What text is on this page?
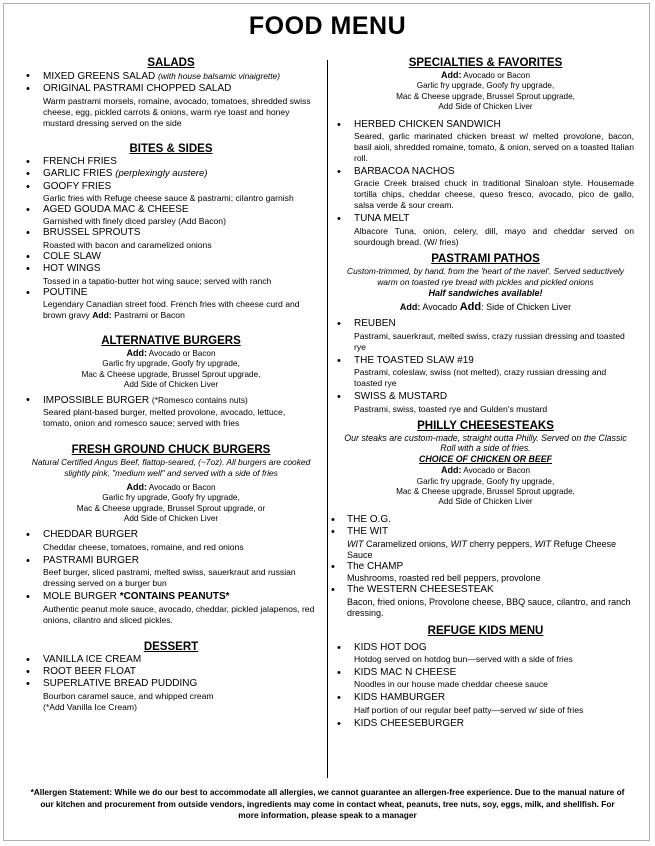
FOOD MENU

SALADS

• MIXED GREENS SALAD (with house balsamic vinaigrette)
• ORIGINAL PASTRAMI CHOPPED SALAD
Warm pastrami morsels, romaine, avocado, tomatoes, shredded swiss cheese, egg, pickled carrots & onions, warm rye toast and honey mustard dressing served on the side

BITES & SIDES

• FRENCH FRIES
• GARLIC FRIES (perplexingly austere)
• GOOFY FRIES
Garlic fries with Refuge cheese sauce & pastrami; cilantro garnish
• AGED GOUDA MAC & CHEESE
Garnished with finely diced parsley (Add Bacon)
• BRUSSEL SPROUTS
Roasted with bacon and caramelized onions
• COLE SLAW
• HOT WINGS
Tossed in a tapatio-butter hot wing sauce; served with ranch
• POUTINE
Legendary Canadian street food. French fries with cheese curd and brown gravy Add: Pastrami or Bacon

ALTERNATIVE BURGERS

Add: Avocado or Bacon
Garlic fry upgrade, Goofy fry upgrade,
Mac & Cheese upgrade, Brussel Sprout upgrade,
Add Side of Chicken Liver
• IMPOSSIBLE BURGER (*Romesco contains nuts)
Seared plant-based burger, melted provolone, avocado, lettuce, tomato, onion and romesco sauce; served with fries

FRESH GROUND CHUCK BURGERS

Natural Certified Angus Beef, flattop-seared, (~7oz). All burgers are cooked slightly pink, "medium well" and served with a side of fries
Add: Avocado or Bacon
Garlic fry upgrade, Goofy fry upgrade,
Mac & Cheese upgrade, Brussel Sprout upgrade, or
Add Side of Chicken Liver
• CHEDDAR BURGER
Cheddar cheese, tomatoes, romaine, and red onions
• PASTRAMI BURGER
Beef burger, sliced pastrami, melted swiss, sauerkraut and russian dressing served on a burger bun
• MOLE BURGER *CONTAINS PEANUTS*
Authentic peanut mole sauce, avocado, cheddar, pickled jalapenos, red onions, cilantro and sliced pickles.

DESSERT

• VANILLA ICE CREAM
• ROOT BEER FLOAT
• SUPERLATIVE BREAD PUDDING
Bourbon caramel sauce, and whipped cream
(*Add Vanilla Ice Cream)

SPECIALTIES & FAVORITES

Add: Avocado or Bacon
Garlic fry upgrade, Goofy fry upgrade,
Mac & Cheese upgrade, Brussel Sprout upgrade,
Add Side of Chicken Liver
• HERBED CHICKEN SANDWICH
Seared, garlic marinated chicken breast w/ melted provolone, bacon, basil aioli, shredded romaine, tomato, & onion, served on a toasted Italian roll.
• BARBACOA NACHOS
Gracie Creek braised chuck in traditional Sinaloan style. Housemade tortilla chips, cheddar cheese, queso fresco, avocado, pico de gallo, salsa verde & sour cream.
• TUNA MELT
Albacore Tuna, onion, celery, dill, mayo and cheddar served on sourdough bread. (W/ fries)

PASTRAMI PATHOS

Custom-trimmed, by hand, from the 'heart of the navel'. Served seductively warm on toasted rye bread with pickles and pickled onions
Half sandwiches available!
Add: Avocado Add: Side of Chicken Liver
• REUBEN
Pastrami, sauerkraut, melted swiss, crazy russian dressing and toasted rye
• THE TOASTED SLAW #19
Pastrami, coleslaw, swiss (not melted), crazy russian dressing and toasted rye
• SWISS & MUSTARD
Pastrami, swiss, toasted rye and Gulden's mustard

PHILLY CHEESESTEAKS

Our steaks are custom-made, straight outta Philly. Served on the Classic Roll with a side of fries.
CHOICE OF CHICKEN OR BEEF
Add: Avocado or Bacon
Garlic fry upgrade, Goofy fry upgrade,
Mac & Cheese upgrade, Brussel Sprout upgrade,
Add Side of Chicken Liver
• THE O.G.
• THE WIT
WIT Caramelized onions, WIT cherry peppers, WIT Refuge Cheese Sauce
• The CHAMP
Mushrooms, roasted red bell peppers, provolone
• The WESTERN CHEESESTEAK
Bacon, fried onions, Provolone cheese, BBQ sauce, cilantro, and ranch dressing.

REFUGE KIDS MENU

• KIDS HOT DOG
Hotdog served on hotdog bun—served with a side of fries
• KIDS MAC N CHEESE
Noodles in our house made cheddar cheese sauce
• KIDS HAMBURGER
Half portion of our regular beef patty—served w/ side of fries
• KIDS CHEESEBURGER
*Allergen Statement: While we do our best to accommodate all allergies, we cannot guarantee an allergen-free experience. Due to the manual nature of our kitchen and procurement from outside vendors, ingredients may come in contact wheat, peanuts, tree nuts, soy, eggs, milk, and shellfish. For more information, please speak to a manager
